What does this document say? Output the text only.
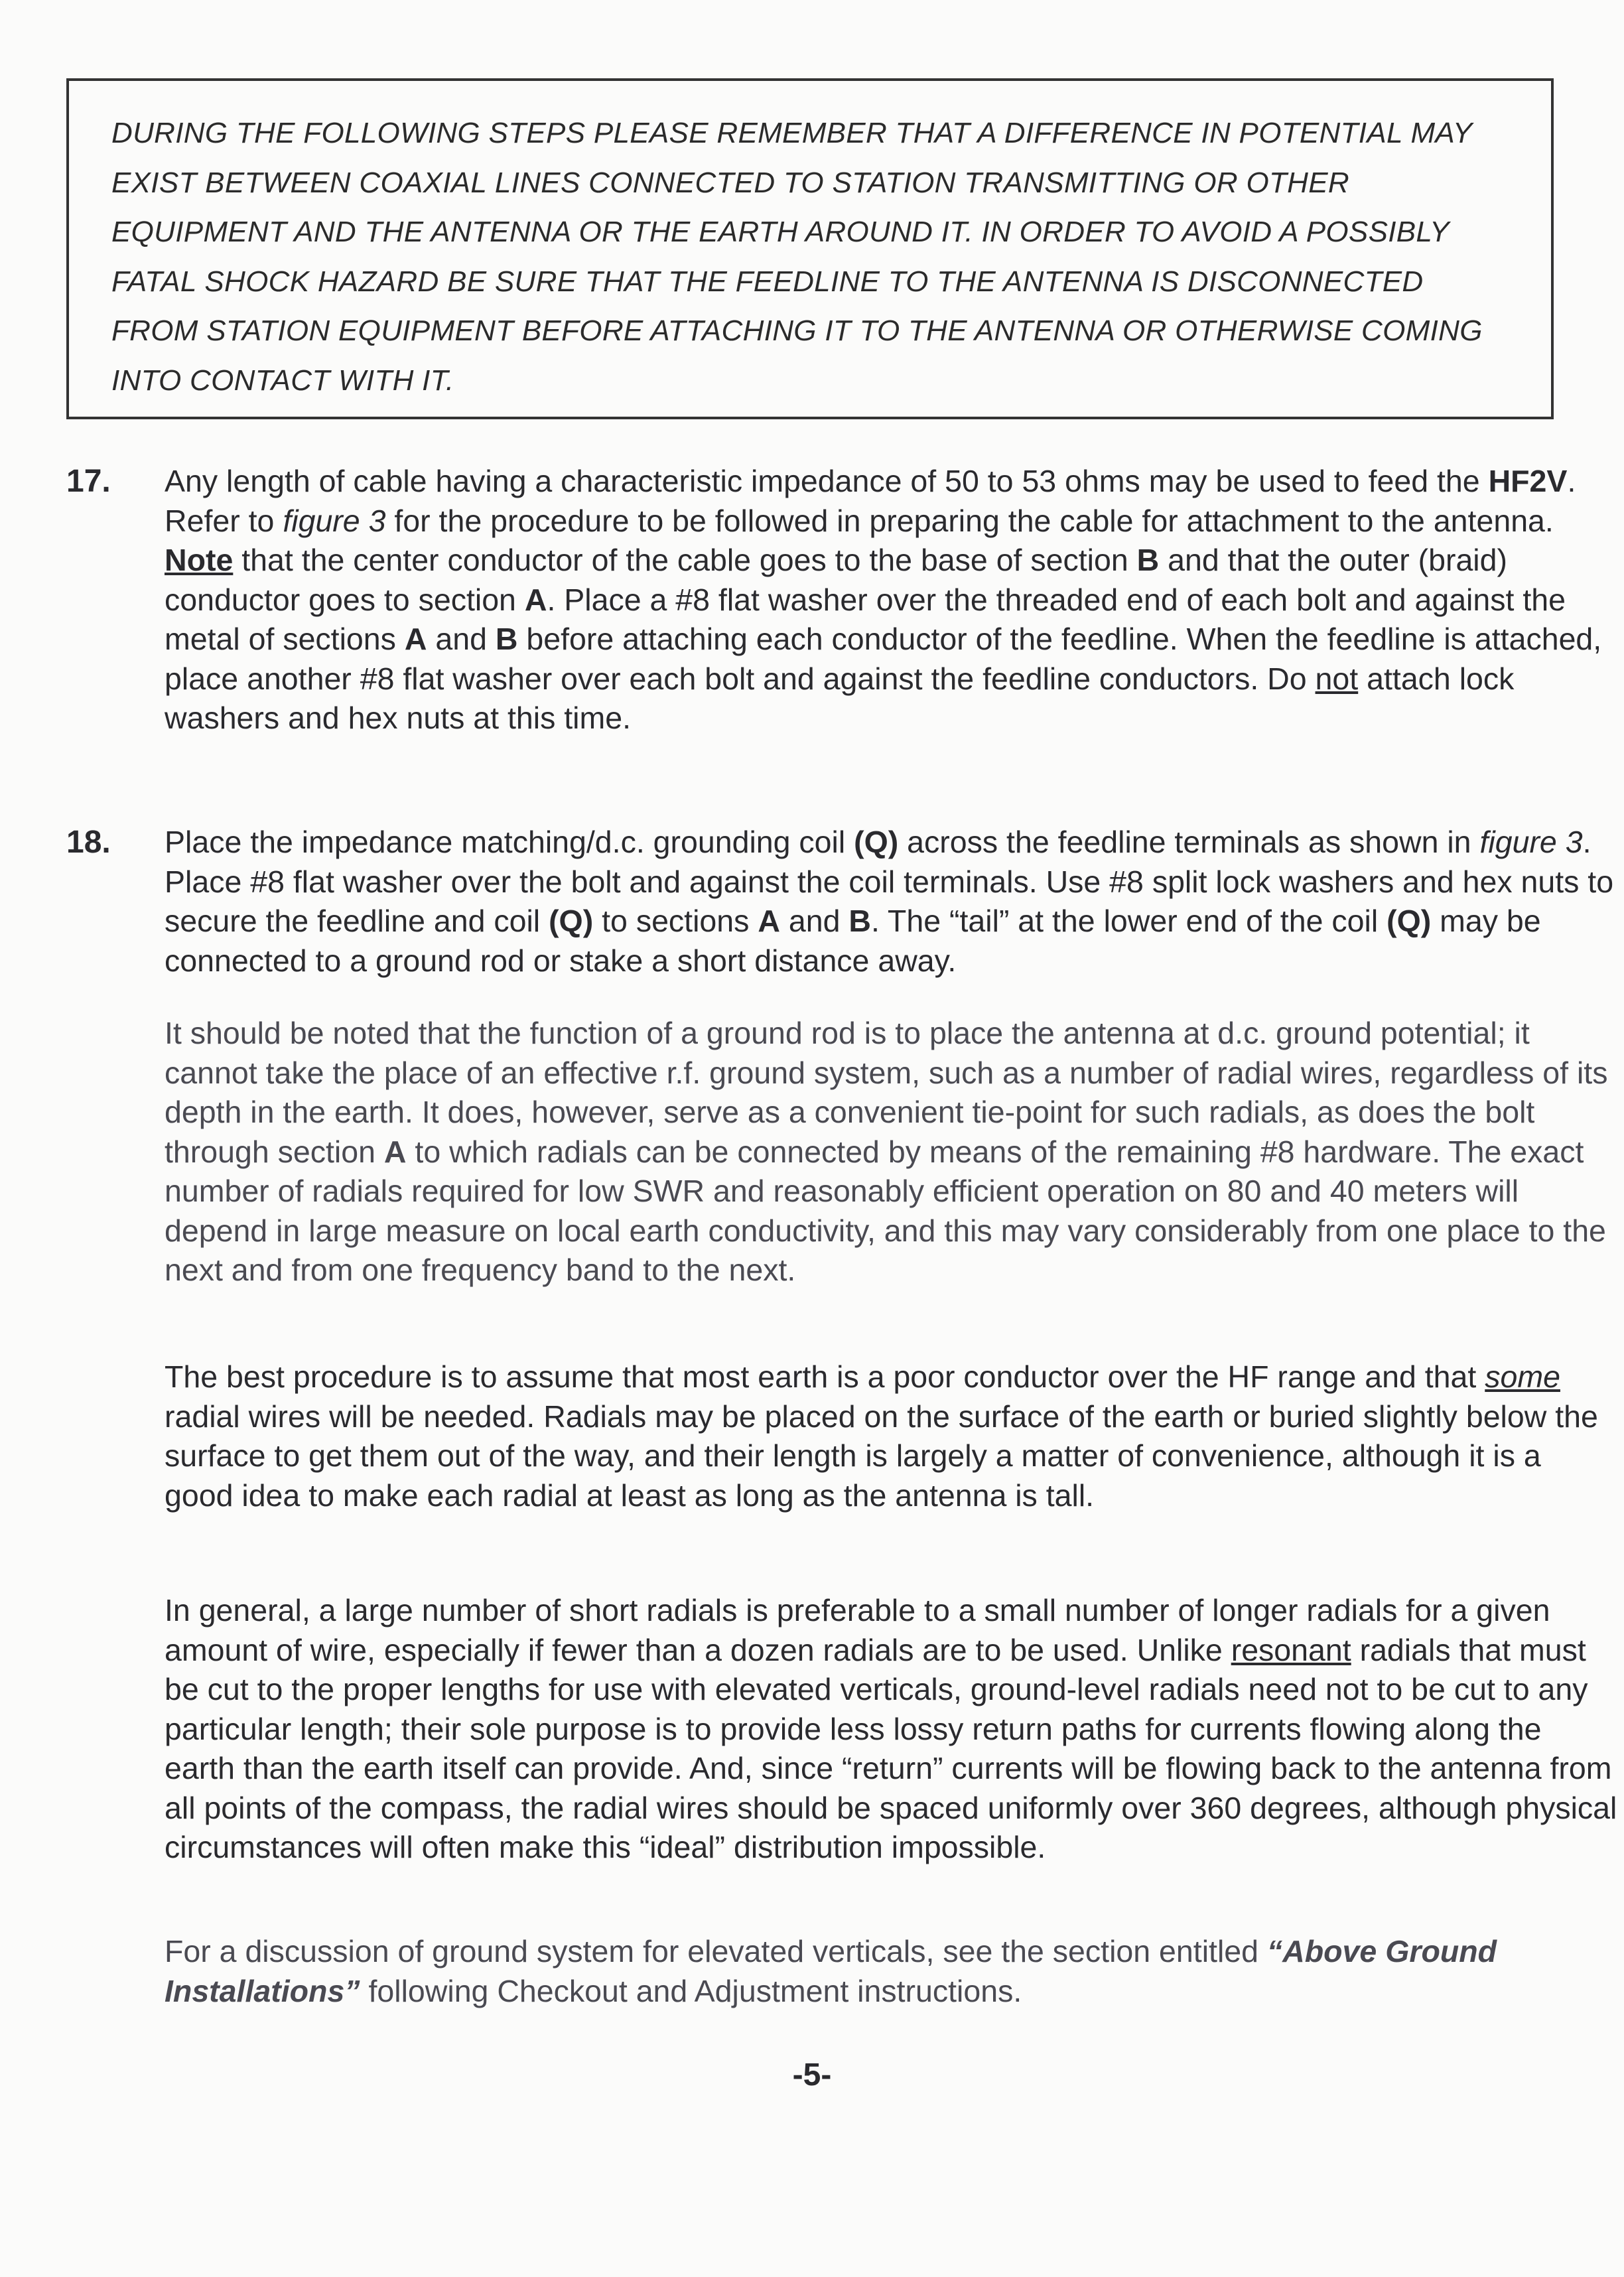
DURING THE FOLLOWING STEPS PLEASE REMEMBER THAT A DIFFERENCE IN POTENTIAL MAY EXIST BETWEEN COAXIAL LINES CONNECTED TO STATION TRANSMITTING OR OTHER EQUIPMENT AND THE ANTENNA OR THE EARTH AROUND IT. IN ORDER TO AVOID A POSSIBLY FATAL SHOCK HAZARD BE SURE THAT THE FEEDLINE TO THE ANTENNA IS DISCONNECTED FROM STATION EQUIPMENT BEFORE ATTACHING IT TO THE ANTENNA OR OTHERWISE COMING INTO CONTACT WITH IT.

17. Any length of cable having a characteristic impedance of 50 to 53 ohms may be used to feed the HF2V. Refer to figure 3 for the procedure to be followed in preparing the cable for attachment to the antenna. Note that the center conductor of the cable goes to the base of section B and that the outer (braid) conductor goes to section A. Place a #8 flat washer over the threaded end of each bolt and against the metal of sections A and B before attaching each conductor of the feedline. When the feedline is attached, place another #8 flat washer over each bolt and against the feedline conductors. Do not attach lock washers and hex nuts at this time.

18. Place the impedance matching/d.c. grounding coil (Q) across the feedline terminals as shown in figure 3. Place #8 flat washer over the bolt and against the coil terminals. Use #8 split lock washers and hex nuts to secure the feedline and coil (Q) to sections A and B. The “tail” at the lower end of the coil (Q) may be connected to a ground rod or stake a short distance away.

It should be noted that the function of a ground rod is to place the antenna at d.c. ground potential; it cannot take the place of an effective r.f. ground system, such as a number of radial wires, regardless of its depth in the earth. It does, however, serve as a convenient tie-point for such radials, as does the bolt through section A to which radials can be connected by means of the remaining #8 hardware. The exact number of radials required for low SWR and reasonably efficient operation on 80 and 40 meters will depend in large measure on local earth conductivity, and this may vary considerably from one place to the next and from one frequency band to the next.

The best procedure is to assume that most earth is a poor conductor over the HF range and that some radial wires will be needed. Radials may be placed on the surface of the earth or buried slightly below the surface to get them out of the way, and their length is largely a matter of convenience, although it is a good idea to make each radial at least as long as the antenna is tall.

In general, a large number of short radials is preferable to a small number of longer radials for a given amount of wire, especially if fewer than a dozen radials are to be used. Unlike resonant radials that must be cut to the proper lengths for use with elevated verticals, ground-level radials need not to be cut to any particular length; their sole purpose is to provide less lossy return paths for currents flowing along the earth than the earth itself can provide. And, since “return” currents will be flowing back to the antenna from all points of the compass, the radial wires should be spaced uniformly over 360 degrees, although physical circumstances will often make this “ideal” distribution impossible.

For a discussion of ground system for elevated verticals, see the section entitled “Above Ground Installations” following Checkout and Adjustment instructions.

-5-
